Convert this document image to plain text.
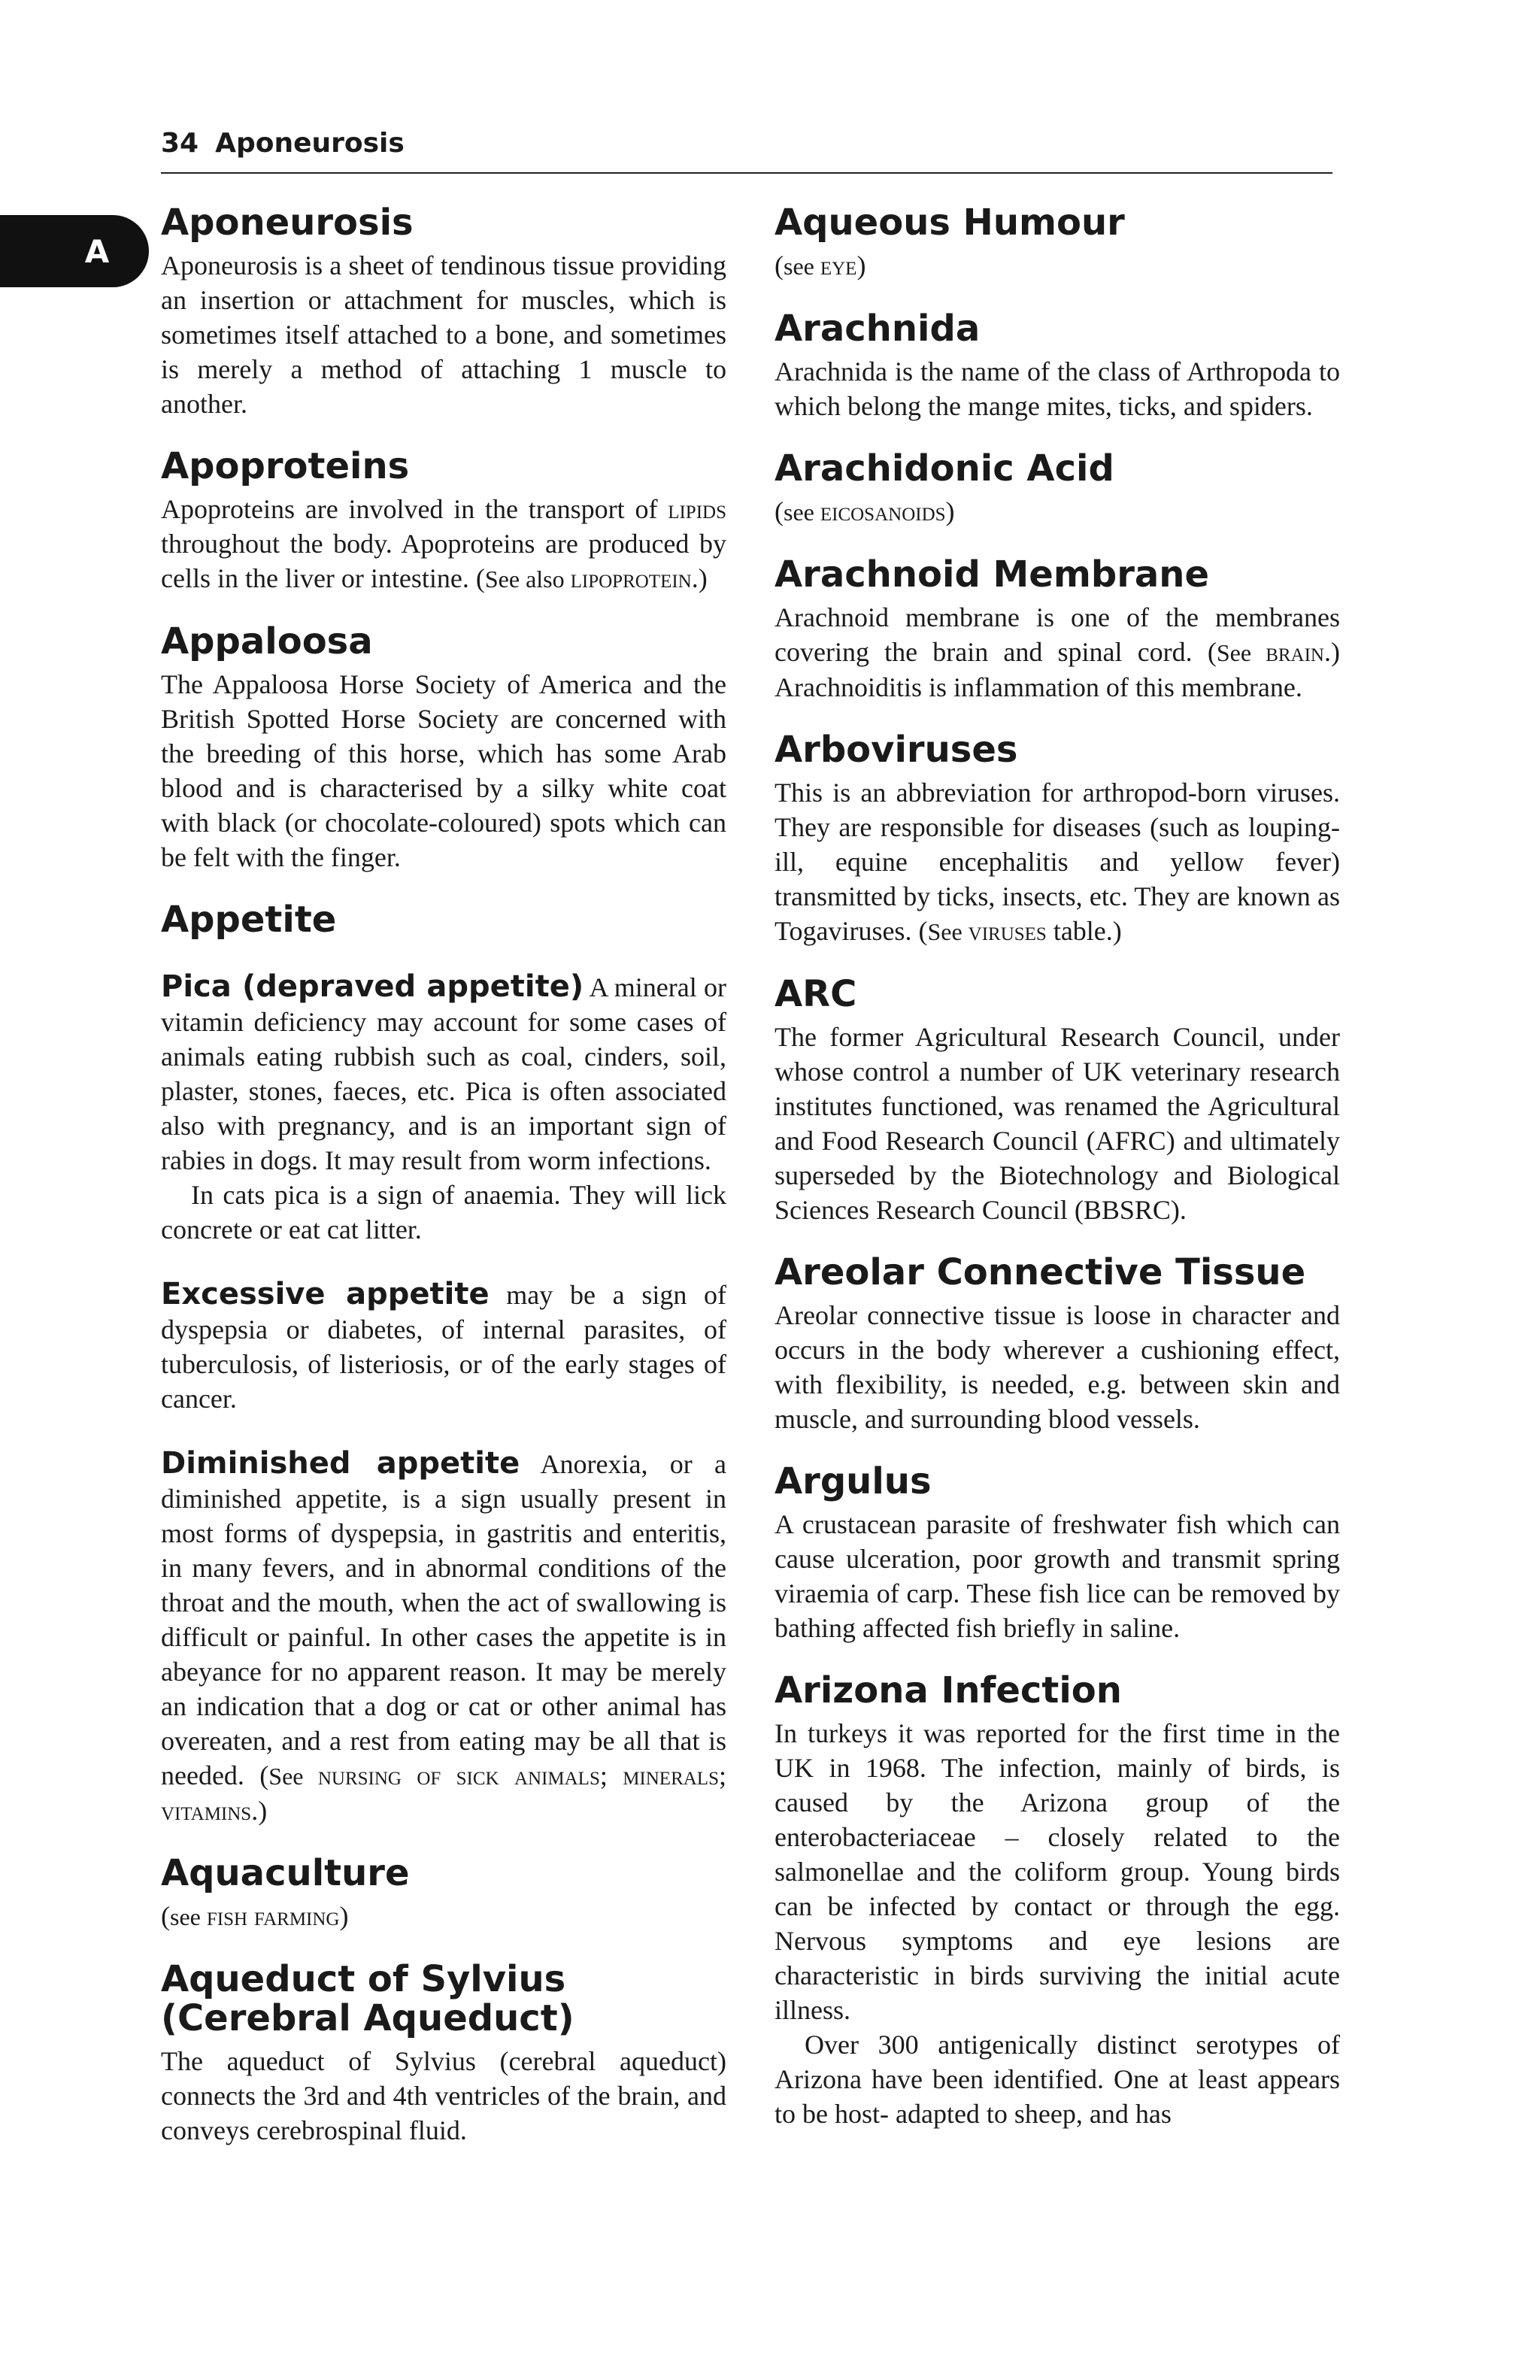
34 Aponeurosis
A
Aponeurosis

Aponeurosis is a sheet of tendinous tissue providing an insertion or attachment for muscles, which is sometimes itself attached to a bone, and sometimes is merely a method of attaching 1 muscle to another.

Apoproteins

Apoproteins are involved in the transport of lipids throughout the body. Apoproteins are produced by cells in the liver or intestine. (See also lipoprotein.)

Appaloosa

The Appaloosa Horse Society of America and the British Spotted Horse Society are concerned with the breeding of this horse, which has some Arab blood and is characterised by a silky white coat with black (or chocolate-coloured) spots which can be felt with the finger.

Appetite

Pica (depraved appetite) A mineral or vitamin deficiency may account for some cases of animals eating rubbish such as coal, cinders, soil, plaster, stones, faeces, etc. Pica is often associated also with pregnancy, and is an important sign of rabies in dogs. It may result from worm infections.

In cats pica is a sign of anaemia. They will lick concrete or eat cat litter.

Excessive appetite may be a sign of dyspepsia or diabetes, of internal parasites, of tuberculosis, of listeriosis, or of the early stages of cancer.

Diminished appetite Anorexia, or a diminished appetite, is a sign usually present in most forms of dyspepsia, in gastritis and enteritis, in many fevers, and in abnormal conditions of the throat and the mouth, when the act of swallowing is difficult or painful. In other cases the appetite is in abeyance for no apparent reason. It may be merely an indication that a dog or cat or other animal has overeaten, and a rest from eating may be all that is needed. (See nursing of sick animals; minerals; vitamins.)

Aquaculture

(see fish farming)

Aqueduct of Sylvius (Cerebral Aqueduct)

The aqueduct of Sylvius (cerebral aqueduct) connects the 3rd and 4th ventricles of the brain, and conveys cerebrospinal fluid.

Aqueous Humour

(see eye)

Arachnida

Arachnida is the name of the class of Arthropoda to which belong the mange mites, ticks, and spiders.

Arachidonic Acid

(see eicosanoids)

Arachnoid Membrane

Arachnoid membrane is one of the membranes covering the brain and spinal cord. (See brain.) Arachnoiditis is inflammation of this membrane.

Arboviruses

This is an abbreviation for arthropod-born viruses. They are responsible for diseases (such as louping-ill, equine encephalitis and yellow fever) transmitted by ticks, insects, etc. They are known as Togaviruses. (See viruses table.)

ARC

The former Agricultural Research Council, under whose control a number of UK veterinary research institutes functioned, was renamed the Agricultural and Food Research Council (AFRC) and ultimately superseded by the Biotechnology and Biological Sciences Research Council (BBSRC).

Areolar Connective Tissue

Areolar connective tissue is loose in character and occurs in the body wherever a cushioning effect, with flexibility, is needed, e.g. between skin and muscle, and surrounding blood vessels.

Argulus

A crustacean parasite of freshwater fish which can cause ulceration, poor growth and transmit spring viraemia of carp. These fish lice can be removed by bathing affected fish briefly in saline.

Arizona Infection

In turkeys it was reported for the first time in the UK in 1968. The infection, mainly of birds, is caused by the Arizona group of the enterobacteriaceae – closely related to the salmonellae and the coliform group. Young birds can be infected by contact or through the egg. Nervous symptoms and eye lesions are characteristic in birds surviving the initial acute illness.

Over 300 antigenically distinct serotypes of Arizona have been identified. One at least appears to be host- adapted to sheep, and has
